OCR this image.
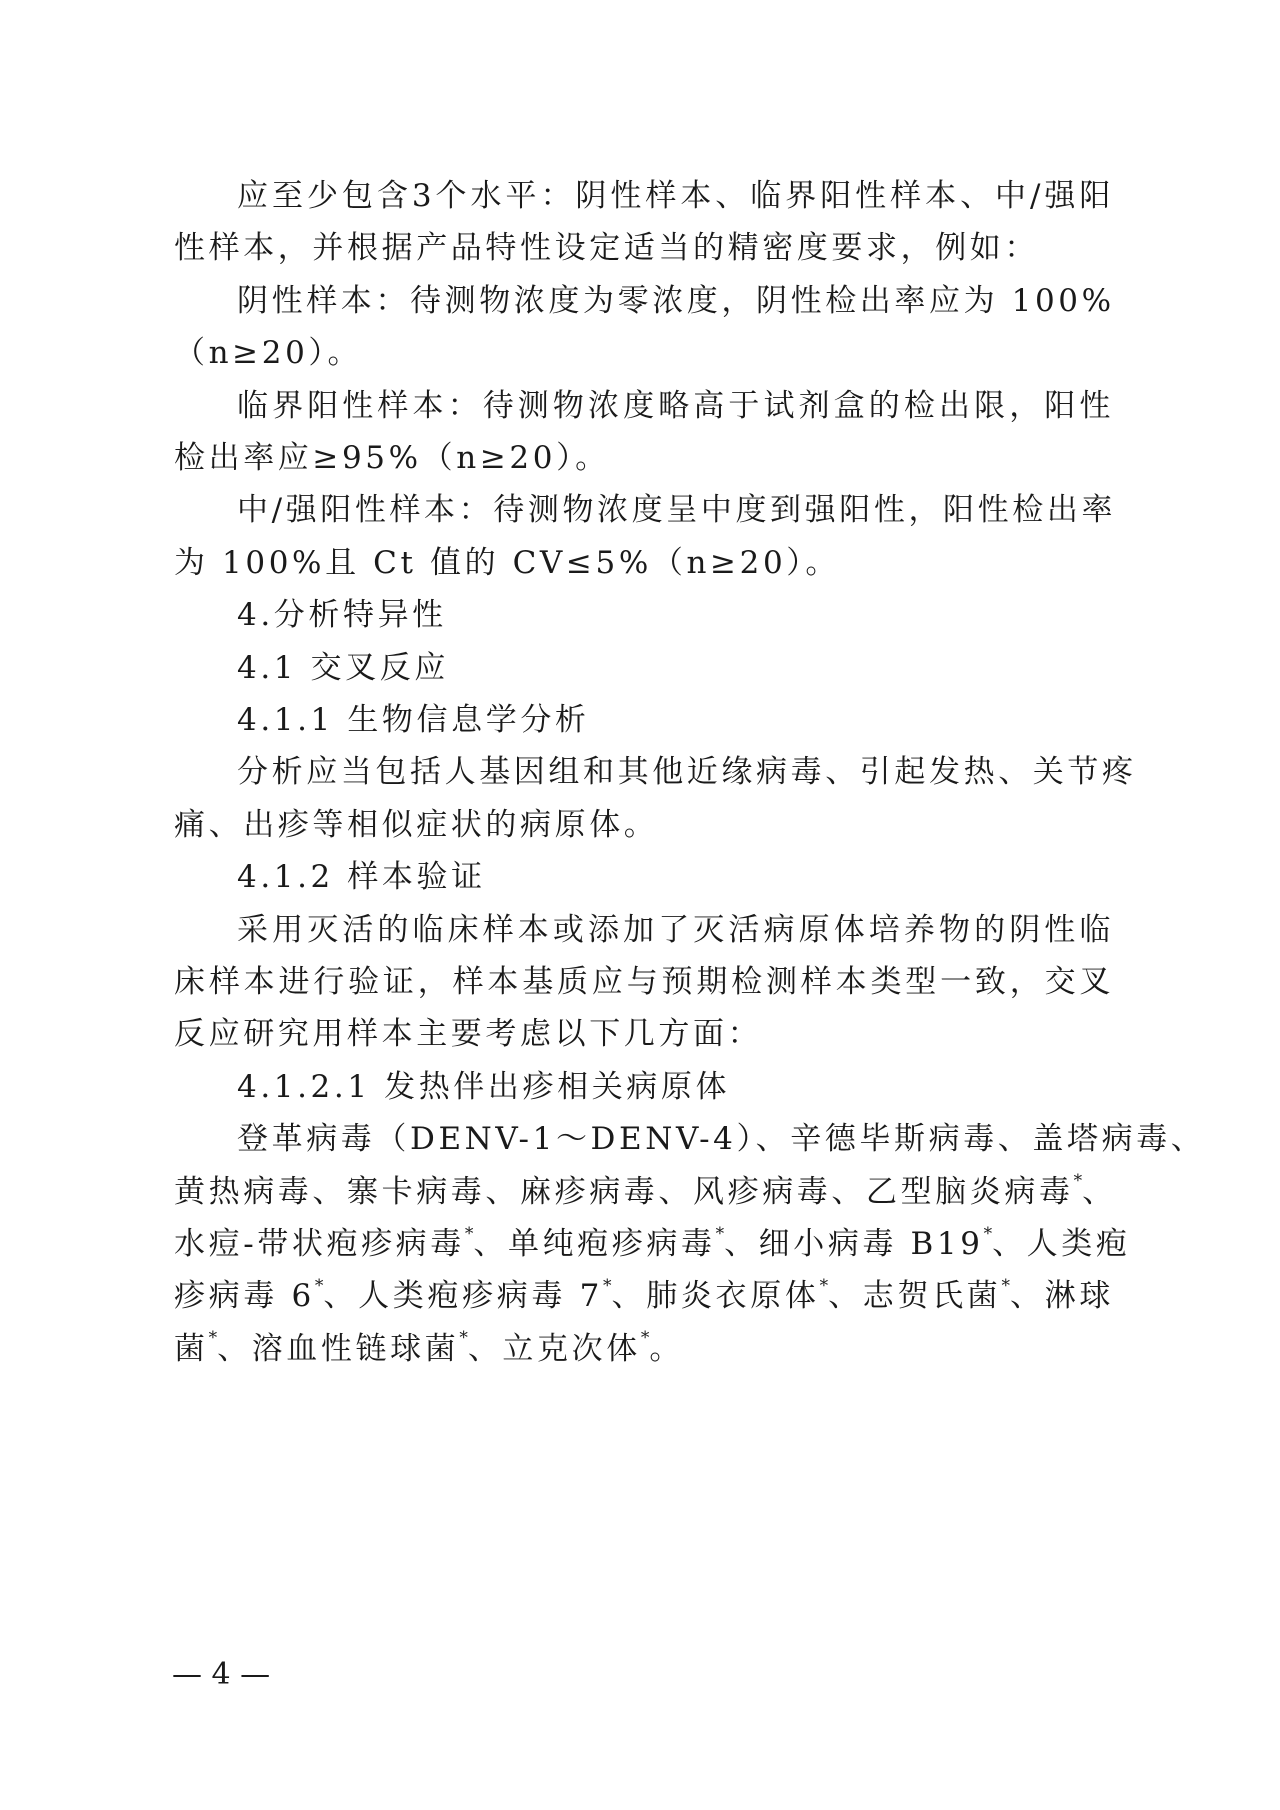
应至少包含3个水平：阴性样本、临界阳性样本、中/强阳
性样本，并根据产品特性设定适当的精密度要求，例如：
阴性样本：待测物浓度为零浓度，阴性检出率应为 100%
（n≥20）。
临界阳性样本：待测物浓度略高于试剂盒的检出限，阳性
检出率应≥95%（n≥20）。
中/强阳性样本：待测物浓度呈中度到强阳性，阳性检出率
为 100%且 Ct 值的 CV≤5%（n≥20）。
4.分析特异性
4.1 交叉反应
4.1.1 生物信息学分析
分析应当包括人基因组和其他近缘病毒、引起发热、关节疼
痛、出疹等相似症状的病原体。
4.1.2 样本验证
采用灭活的临床样本或添加了灭活病原体培养物的阴性临
床样本进行验证，样本基质应与预期检测样本类型一致，交叉
反应研究用样本主要考虑以下几方面：
4.1.2.1 发热伴出疹相关病原体
登革病毒（DENV-1～DENV-4）、辛德毕斯病毒、盖塔病毒、
黄热病毒、寨卡病毒、麻疹病毒、风疹病毒、乙型脑炎病毒*、
水痘-带状疱疹病毒*、单纯疱疹病毒*、细小病毒 B19*、人类疱
疹病毒 6*、人类疱疹病毒 7*、肺炎衣原体*、志贺氏菌*、淋球
菌*、溶血性链球菌*、立克次体*。
— 4 —
